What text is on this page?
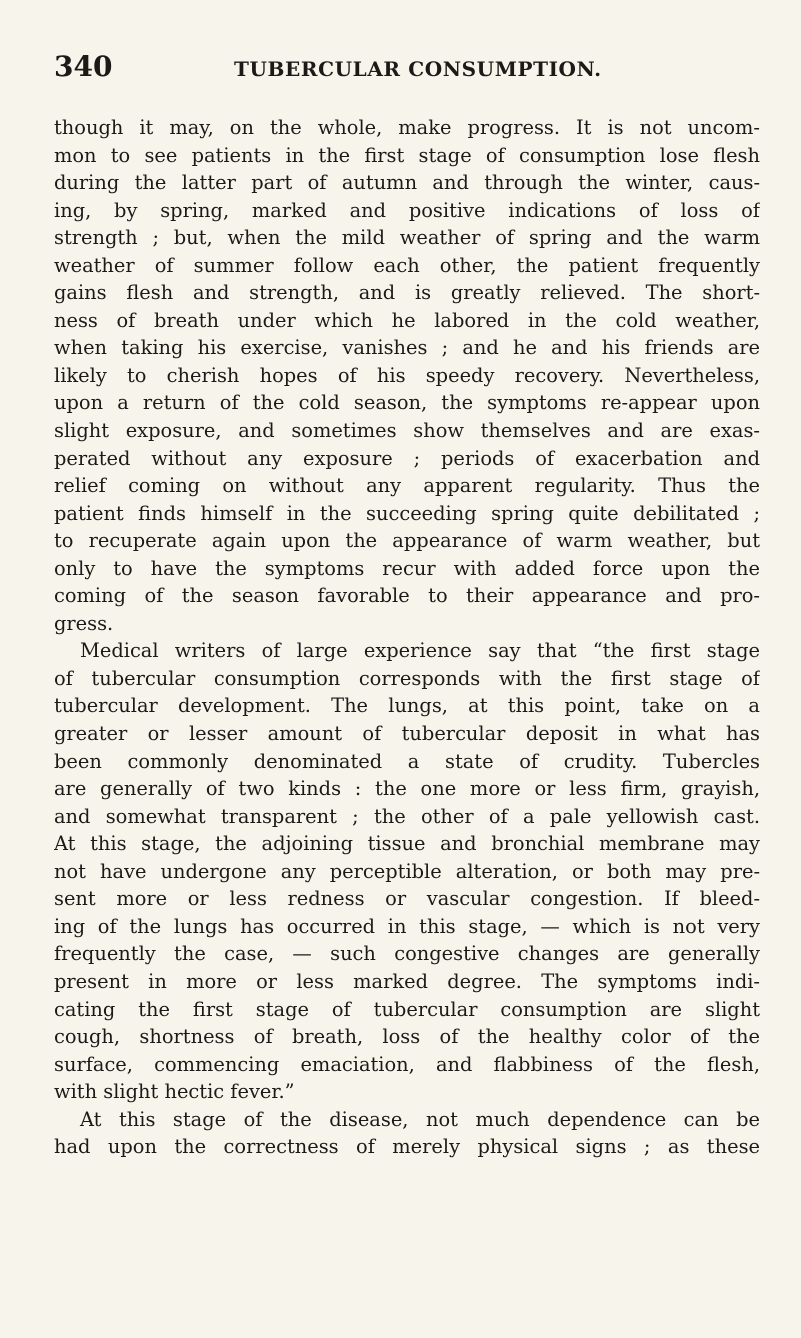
340	TUBERCULAR CONSUMPTION.
though it may, on the whole, make progress. It is not uncom-
mon to see patients in the first stage of consumption lose flesh
during the latter part of autumn and through the winter, caus-
ing, by spring, marked and positive indications of loss of
strength ; but, when the mild weather of spring and the warm
weather of summer follow each other, the patient frequently
gains flesh and strength, and is greatly relieved. The short-
ness of breath under which he labored in the cold weather,
when taking his exercise, vanishes ; and he and his friends are
likely to cherish hopes of his speedy recovery. Nevertheless,
upon a return of the cold season, the symptoms re-appear upon
slight exposure, and sometimes show themselves and are exas-
perated without any exposure ; periods of exacerbation and
relief coming on without any apparent regularity. Thus the
patient finds himself in the succeeding spring quite debilitated ;
to recuperate again upon the appearance of warm weather, but
only to have the symptoms recur with added force upon the
coming of the season favorable to their appearance and pro-
gress.
Medical writers of large experience say that “the first stage
of tubercular consumption corresponds with the first stage of
tubercular development. The lungs, at this point, take on a
greater or lesser amount of tubercular deposit in what has
been commonly denominated a state of crudity. Tubercles
are generally of two kinds : the one more or less firm, grayish,
and somewhat transparent ; the other of a pale yellowish cast.
At this stage, the adjoining tissue and bronchial membrane may
not have undergone any perceptible alteration, or both may pre-
sent more or less redness or vascular congestion. If bleed-
ing of the lungs has occurred in this stage, — which is not very
frequently the case, — such congestive changes are generally
present in more or less marked degree. The symptoms indi-
cating the first stage of tubercular consumption are slight
cough, shortness of breath, loss of the healthy color of the
surface, commencing emaciation, and flabbiness of the flesh,
with slight hectic fever.”
At this stage of the disease, not much dependence can be
had upon the correctness of merely physical signs ; as these
